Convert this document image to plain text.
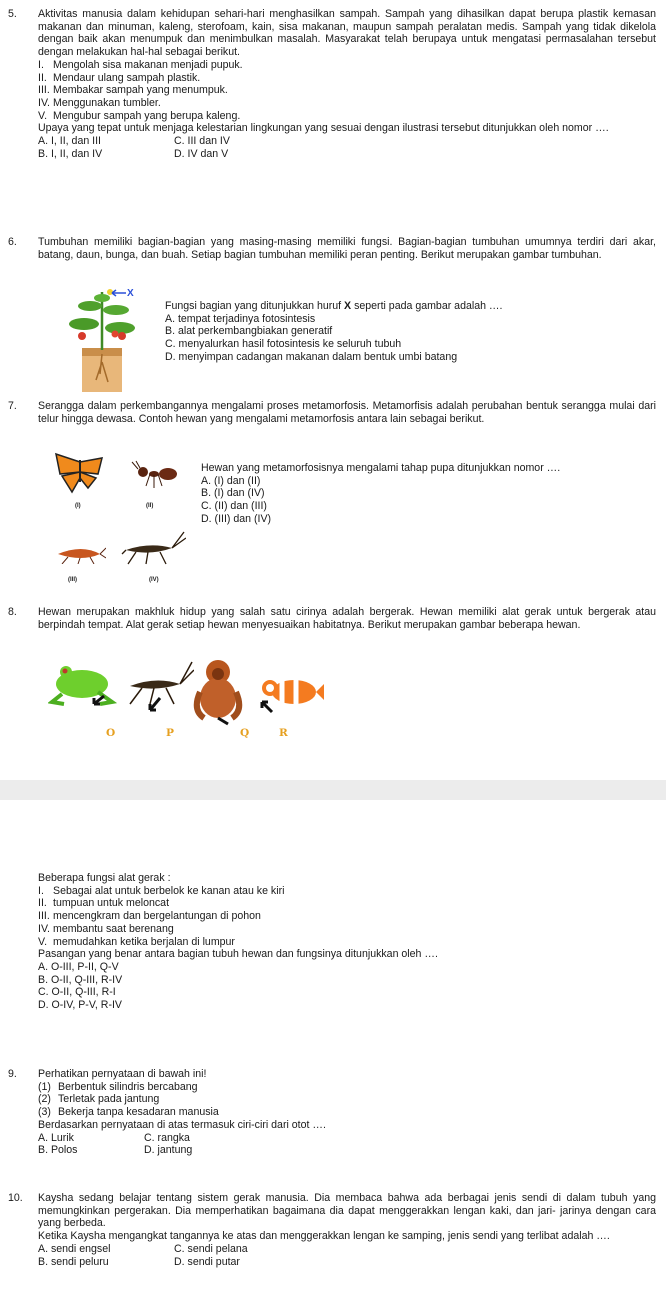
5. Aktivitas manusia dalam kehidupan sehari-hari menghasilkan sampah. Sampah yang dihasilkan dapat berupa plastik kemasan makanan dan minuman, kaleng, sterofoam, kain, sisa makanan, maupun sampah peralatan medis. Sampah yang tidak dikelola dengan baik akan menumpuk dan menimbulkan masalah. Masyarakat telah berupaya untuk mengatasi permasalahan tersebut dengan melakukan hal-hal sebagai berikut.

I. Mengolah sisa makanan menjadi pupuk.
II. Mendaur ulang sampah plastik.
III. Membakar sampah yang menumpuk.
IV. Menggunakan tumbler.
V. Mengubur sampah yang berupa kaleng.

Upaya yang tepat untuk menjaga kelestarian lingkungan yang sesuai dengan ilustrasi tersebut ditunjukkan oleh nomor ….

A. I, II, dan III	C. III dan IV
B. I, II, dan IV	D. IV dan V
6. Tumbuhan memiliki bagian-bagian yang masing-masing memiliki fungsi. Bagian-bagian tumbuhan umumnya terdiri dari akar, batang, daun, bunga, dan buah. Setiap bagian tumbuhan memiliki peran penting. Berikut merupakan gambar tumbuhan.

X
Fungsi bagian yang ditunjukkan huruf X seperti pada gambar adalah ….
A. tempat terjadinya fotosintesis
B. alat perkembangbiakan generatif
C. menyalurkan hasil fotosintesis ke seluruh tubuh
D. menyimpan cadangan makanan dalam bentuk umbi batang
7. Serangga dalam perkembangannya mengalami proses metamorfosis. Metamorfisis adalah perubahan bentuk serangga mulai dari telur hingga dewasa. Contoh hewan yang mengalami metamorfosis antara lain sebagai berikut.

(I)	(II)
(III)	(IV)
Hewan yang metamorfosisnya mengalami tahap pupa ditunjukkan nomor ….
A. (I) dan (II)
B. (I) dan (IV)
C. (II) dan (III)
D. (III) dan (IV)
8. Hewan merupakan makhluk hidup yang salah satu cirinya adalah bergerak. Hewan memiliki alat gerak untuk bergerak atau berpindah tempat. Alat gerak setiap hewan menyesuaikan habitatnya. Berikut merupakan gambar beberapa hewan.

O	P	Q	R

Beberapa fungsi alat gerak :

I. Sebagai alat untuk berbelok ke kanan atau ke kiri
II. tumpuan untuk meloncat
III. mencengkram dan bergelantungan di pohon
IV. membantu saat berenang
V. memudahkan ketika berjalan di lumpur

Pasangan yang benar antara bagian tubuh hewan dan fungsinya ditunjukkan oleh ….

A. O-III, P-II, Q-V
B. O-II, Q-III, R-IV
C. O-II, Q-III, R-I
D. O-IV, P-V, R-IV
9. Perhatikan pernyataan di bawah ini!

(1) Berbentuk silindris bercabang
(2) Terletak pada jantung
(3) Bekerja tanpa kesadaran manusia

Berdasarkan pernyataan di atas termasuk ciri-ciri dari otot ….

A. Lurik	C. rangka
B. Polos	D. jantung
10. Kaysha sedang belajar tentang sistem gerak manusia. Dia membaca bahwa ada berbagai jenis sendi di dalam tubuh yang memungkinkan pergerakan. Dia memperhatikan bagaimana dia dapat menggerakkan lengan kaki, dan jari- jarinya dengan cara yang berbeda.

Ketika Kaysha mengangkat tangannya ke atas dan menggerakkan lengan ke samping, jenis sendi yang terlibat adalah ….

A. sendi engsel	C. sendi pelana
B. sendi peluru	D. sendi putar
